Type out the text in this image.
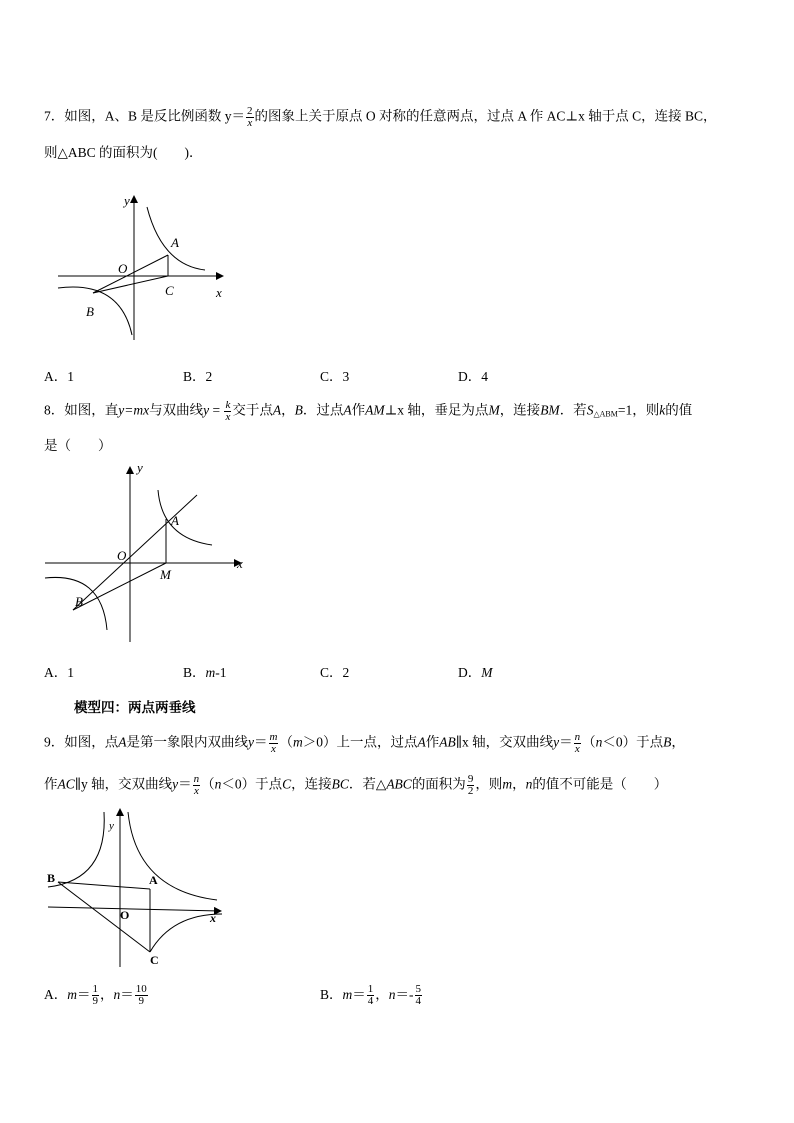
7．如图，A、B 是反比例函数 $y= \frac{2}{x}$ 的图象上关于原点 O 对称的任意两点，过点 A 作 AC⊥x 轴于点 C，连接 BC，
则△ABC 的面积为(　　)．
y
x
O
A
B
C
A．1	B．2	C．3	D．4
8．如图，直y=mx与双曲线$y = \frac{k}{x}$ 交于点A，B．过点A作AM⊥x 轴，垂足为点M，连接BM．若$S_{\triangle ABM}=1$，则k的值
是（　　）
y
x
O
A
B
M
A．1	B．m-1	C．2	D．M
模型四：两点两垂线
9．如图，点A是第一象限内双曲线$y= \frac{m}{x} (m>0)$上一点，过点A作AB∥x 轴，交双曲线$y= \frac{n}{x} (n<0)$于点B，
作AC∥y 轴，交双曲线$y= \frac{n}{x} (n<0)$于点C，连接BC．若△ABC的面积为 $\frac{9}{2}$ ，则m，n的值不可能是（　　）
y
x
O
A
B
C
A．$m= \frac{1}{9}$ ，$n= \frac{10}{9}$	B．$m= \frac{1}{4}$ ，$n=- \frac{5}{4}$
